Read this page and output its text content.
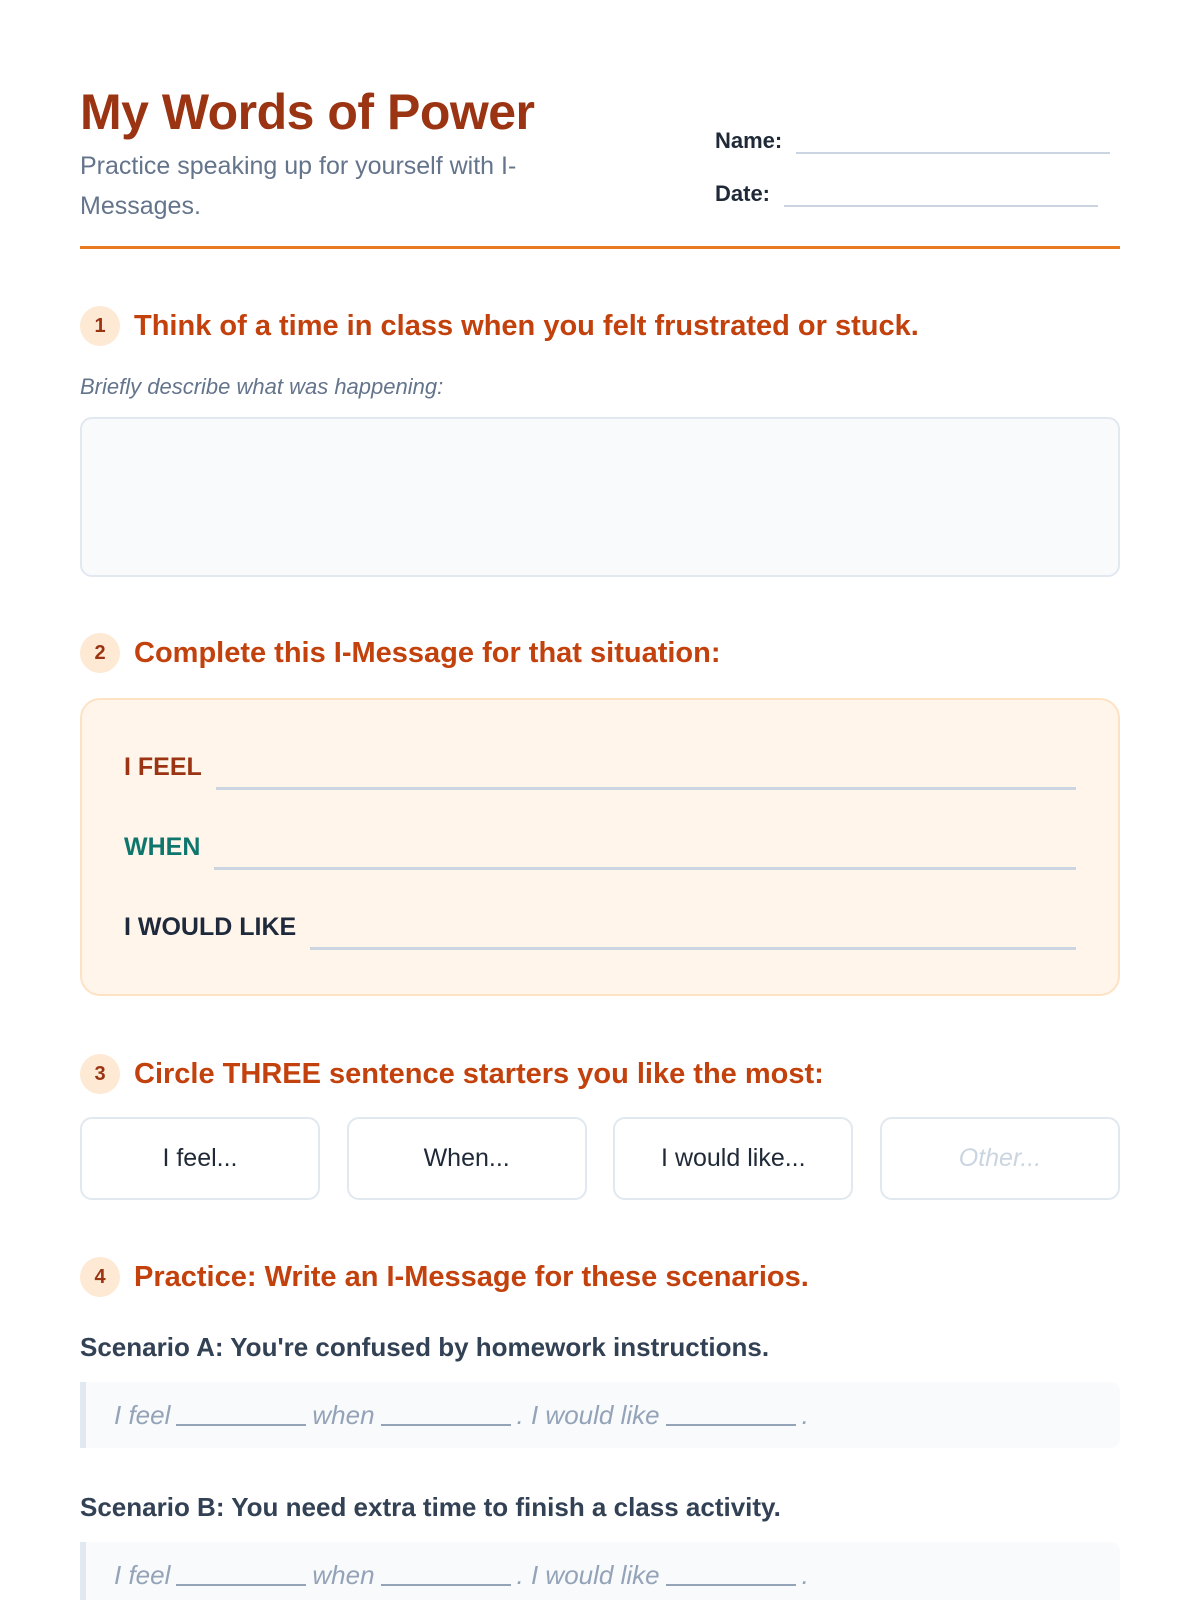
My Words of Power
Practice speaking up for yourself with I-Messages.
Name:
Date:
1 Think of a time in class when you felt frustrated or stuck.
Briefly describe what was happening:
2 Complete this I-Message for that situation:
I FEEL
WHEN
I WOULD LIKE
3 Circle THREE sentence starters you like the most:
I feel...	When...	I would like...	Other...
4 Practice: Write an I-Message for these scenarios.
Scenario A: You're confused by homework instructions.
I feel	when	. I would like	.
Scenario B: You need extra time to finish a class activity.
I feel	when	. I would like	.
